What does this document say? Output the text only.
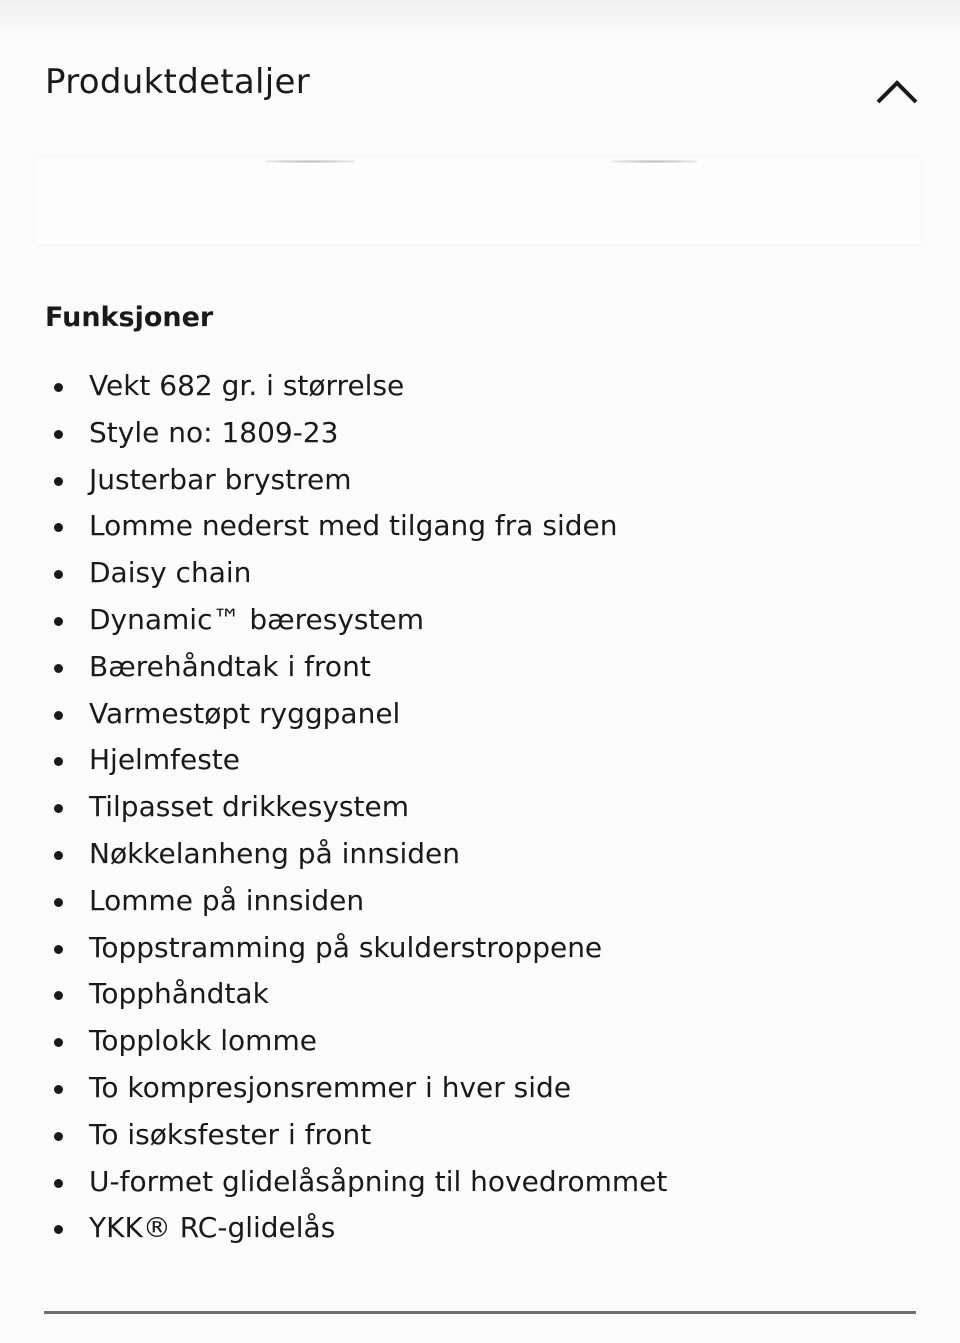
Produktdetaljer
Funksjoner
Vekt 682 gr. i størrelse
Style no: 1809-23
Justerbar brystrem
Lomme nederst med tilgang fra siden
Daisy chain
Dynamic™ bæresystem
Bærehåndtak i front
Varmestøpt ryggpanel
Hjelmfeste
Tilpasset drikkesystem
Nøkkelanheng på innsiden
Lomme på innsiden
Toppstramming på skulderstroppene
Topphåndtak
Topplokk lomme
To kompresjonsremmer i hver side
To isøksfester i front
U-formet glidelåsåpning til hovedrommet
YKK® RC-glidelås
